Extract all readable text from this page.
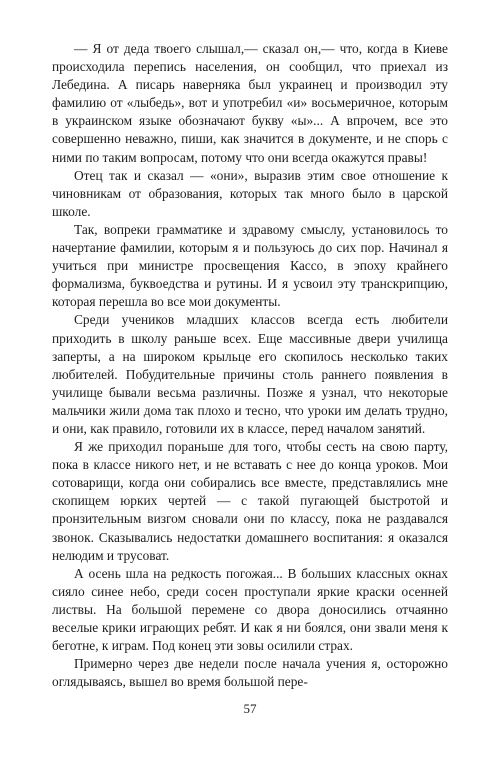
— Я от деда твоего слышал,— сказал он,— что, когда в Киеве происходила перепись населения, он сообщил, что приехал из Лебедина. А писарь наверняка был украинец и производил эту фамилию от «лыбедь», вот и употребил «и» восьмеричное, которым в украинском языке обозначают букву «ы»... А впрочем, все это совершенно неважно, пиши, как значится в документе, и не спорь с ними по таким вопросам, потому что они всегда окажутся правы!

Отец так и сказал — «они», выразив этим свое отношение к чиновникам от образования, которых так много было в царской школе.

Так, вопреки грамматике и здравому смыслу, установилось то начертание фамилии, которым я и пользуюсь до сих пор. Начинал я учиться при министре просвещения Кассо, в эпоху крайнего формализма, буквоедства и рутины. И я усвоил эту транскрипцию, которая перешла во все мои документы.

Среди учеников младших классов всегда есть любители приходить в школу раньше всех. Еще массивные двери училища заперты, а на широком крыльце его скопилось несколько таких любителей. Побудительные причины столь раннего появления в училище бывали весьма различны. Позже я узнал, что некоторые мальчики жили дома так плохо и тесно, что уроки им делать трудно, и они, как правило, готовили их в классе, перед началом занятий.

Я же приходил пораньше для того, чтобы сесть на свою парту, пока в классе никого нет, и не вставать с нее до конца уроков. Мои сотоварищи, когда они собирались все вместе, представлялись мне скопищем юрких чертей — с такой пугающей быстротой и пронзительным визгом сновали они по классу, пока не раздавался звонок. Сказывались недостатки домашнего воспитания: я оказался нелюдим и трусоват.

А осень шла на редкость погожая... В больших классных окнах сияло синее небо, среди сосен проступали яркие краски осенней листвы. На большой перемене со двора доносились отчаянно веселые крики играющих ребят. И как я ни боялся, они звали меня к беготне, к играм. Под конец эти зовы осилили страх.

Примерно через две недели после начала учения я, осторожно оглядываясь, вышел во время большой пере-

57
